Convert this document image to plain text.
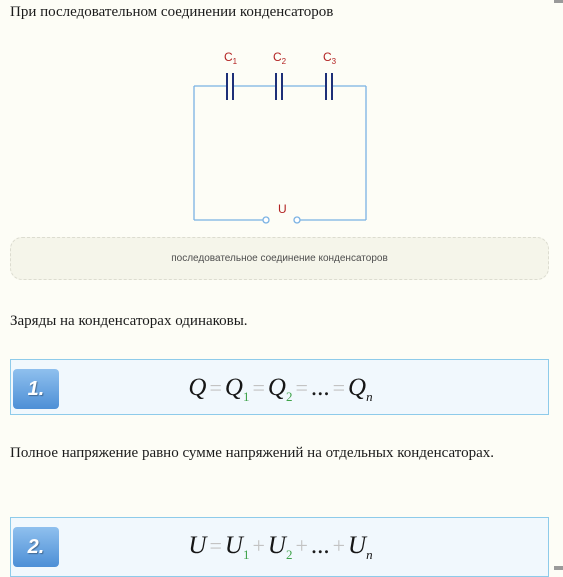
При последовательном соединении конденсаторов
$C_1$	$C_2$	$C_3$
U
последовательное соединение конденсаторов
Заряды на конденсаторах одинаковы.
1.	$Q = Q_1 = Q_2$ = ... = $Q_n$
Полное напряжение равно сумме напряжений на отдельных конденсаторах.
2.	$U = U_1 + U_2$ + ... + $U_n$
